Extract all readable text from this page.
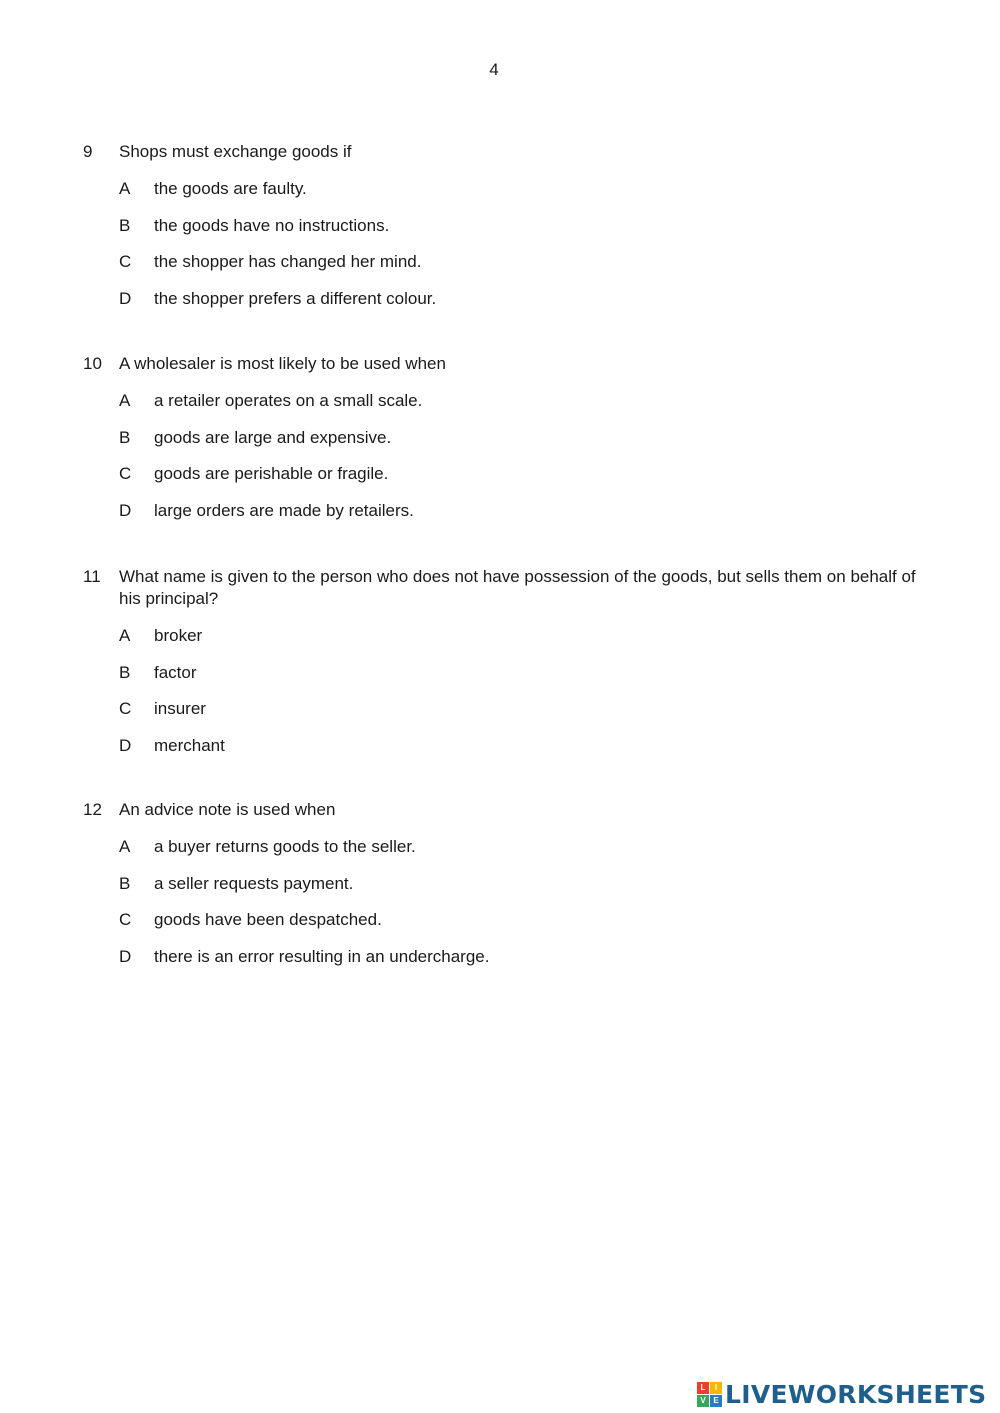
4
9	Shops must exchange goods if
A	the goods are faulty.
B	the goods have no instructions.
C	the shopper has changed her mind.
D	the shopper prefers a different colour.
10	A wholesaler is most likely to be used when
A	a retailer operates on a small scale.
B	goods are large and expensive.
C	goods are perishable or fragile.
D	large orders are made by retailers.
11	What name is given to the person who does not have possession of the goods, but sells them on behalf of his principal?
A	broker
B	factor
C	insurer
D	merchant
12	An advice note is used when
A	a buyer returns goods to the seller.
B	a seller requests payment.
C	goods have been despatched.
D	there is an error resulting in an undercharge.
L	I
V E LIVEWORKSHEETS
